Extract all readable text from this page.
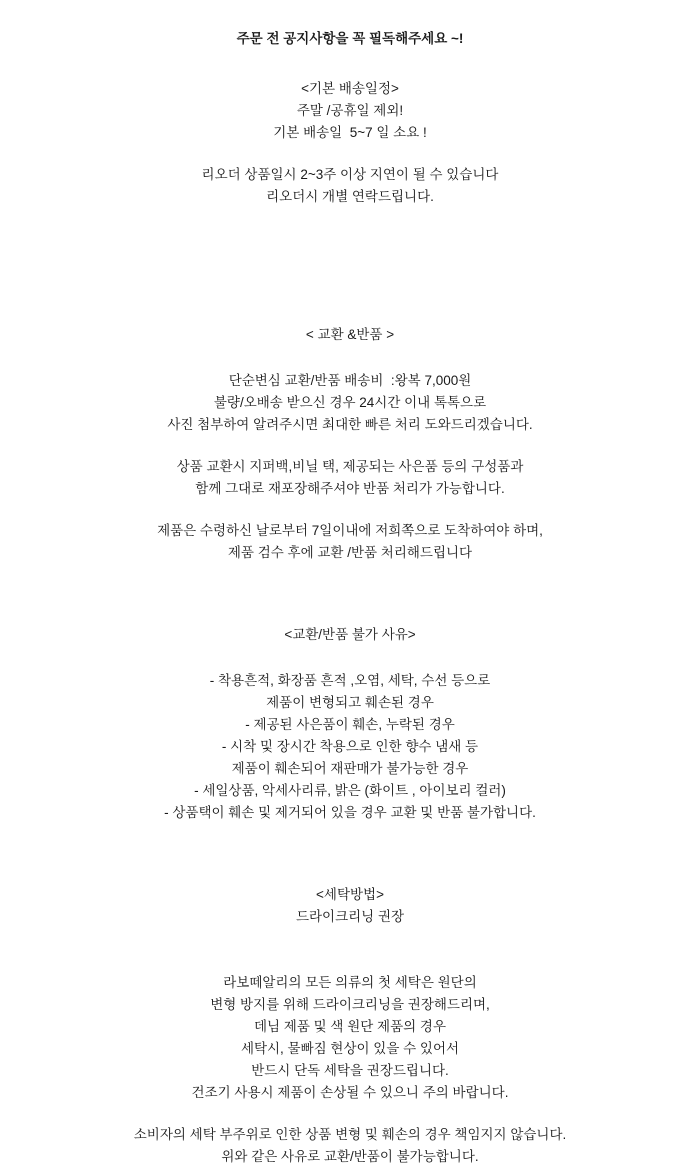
주문 전 공지사항을 꼭 필독해주세요 ~!
<기본 배송일정>
주말 /공휴일 제외!
기본 배송일  5~7 일 소요 !
리오더 상품일시 2~3주 이상 지연이 될 수 있습니다
리오더시 개별 연락드립니다.
< 교환 &반품 >
단순변심 교환/반품 배송비  :왕복 7,000원
불량/오배송 받으신 경우 24시간 이내 톡톡으로
사진 첨부하여 알려주시면 최대한 빠른 처리 도와드리겠습니다.
상품 교환시 지퍼백,비닐 택, 제공되는 사은품 등의 구성품과
함께 그대로 재포장해주셔야 반품 처리가 가능합니다.
제품은 수령하신 날로부터 7일이내에 저희쪽으로 도착하여야 하며,
제품 검수 후에 교환 /반품 처리해드립니다
<교환/반품 불가 사유>
- 착용흔적, 화장품 흔적 ,오염, 세탁, 수선 등으로
제품이 변형되고 훼손된 경우
- 제공된 사은품이 훼손, 누락된 경우
- 시착 및 장시간 착용으로 인한 향수 냄새 등
제품이 훼손되어 재판매가 불가능한 경우
- 세일상품, 악세사리류, 밝은 (화이트 , 아이보리 컬러)
- 상품택이 훼손 및 제거되어 있을 경우 교환 및 반품 불가합니다.
<세탁방법>
드라이크리닝 권장
라보떼알리의 모든 의류의 첫 세탁은 원단의
변형 방지를 위해 드라이크리닝을 권장해드리며,
데님 제품 및 색 원단 제품의 경우
세탁시, 물빠짐 현상이 있을 수 있어서
반드시 단독 세탁을 권장드립니다.
건조기 사용시 제품이 손상될 수 있으니 주의 바랍니다.
소비자의 세탁 부주위로 인한 상품 변형 및 훼손의 경우 책임지지 않습니다.
위와 같은 사유로 교환/반품이 불가능합니다.
